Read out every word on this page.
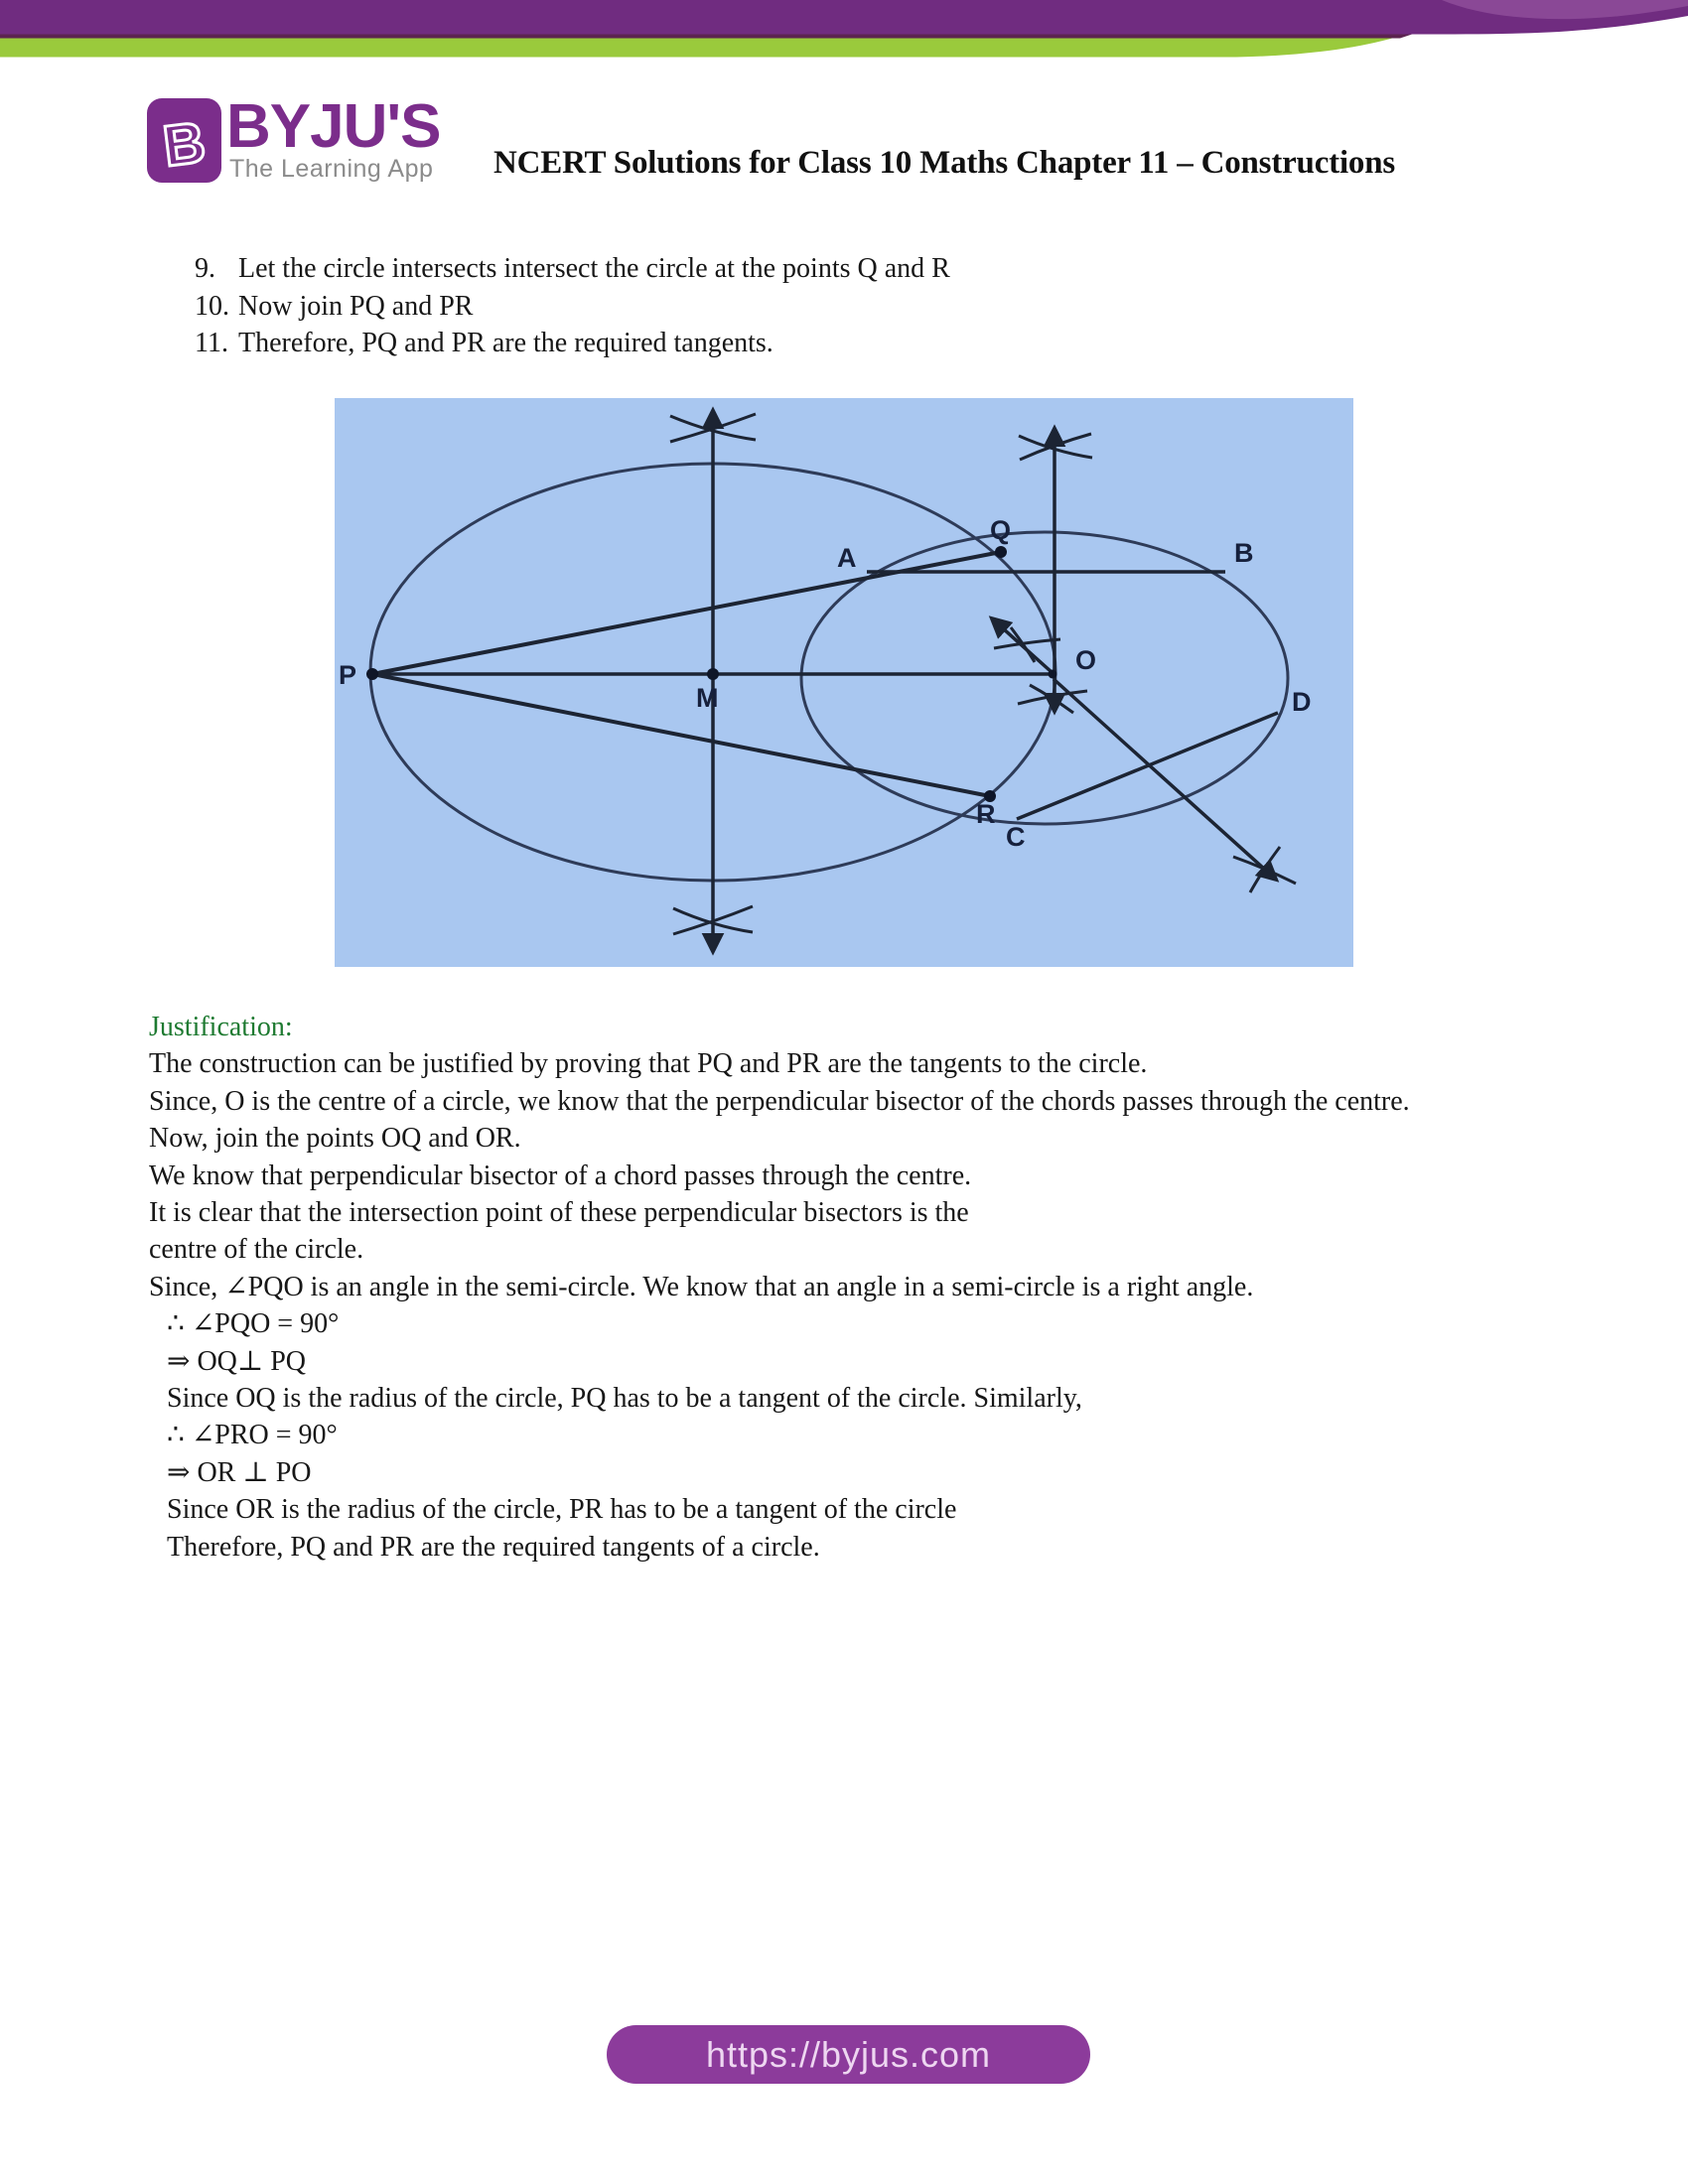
B BYJU'S
The Learning App NCERT Solutions for Class 10 Maths Chapter 11 – Constructions
9. Let the circle intersects intersect the circle at the points Q and R
10. Now join PQ and PR
11. Therefore, PQ and PR are the required tangents.
P
M
O
Q
A	B
R
C
D
Justification:
The construction can be justified by proving that PQ and PR are the tangents to the circle.
Since, O is the centre of a circle, we know that the perpendicular bisector of the chords passes through the centre.
Now, join the points OQ and OR.
We know that perpendicular bisector of a chord passes through the centre.
It is clear that the intersection point of these perpendicular bisectors is the
centre of the circle.
Since, ∠PQO is an angle in the semi-circle. We know that an angle in a semi-circle is a right angle.
∴ ∠PQO = 90°
⇒ OQ⊥ PQ
Since OQ is the radius of the circle, PQ has to be a tangent of the circle. Similarly,
∴ ∠PRO = 90°
⇒ OR ⊥ PO
Since OR is the radius of the circle, PR has to be a tangent of the circle
Therefore, PQ and PR are the required tangents of a circle.
https://byjus.com
